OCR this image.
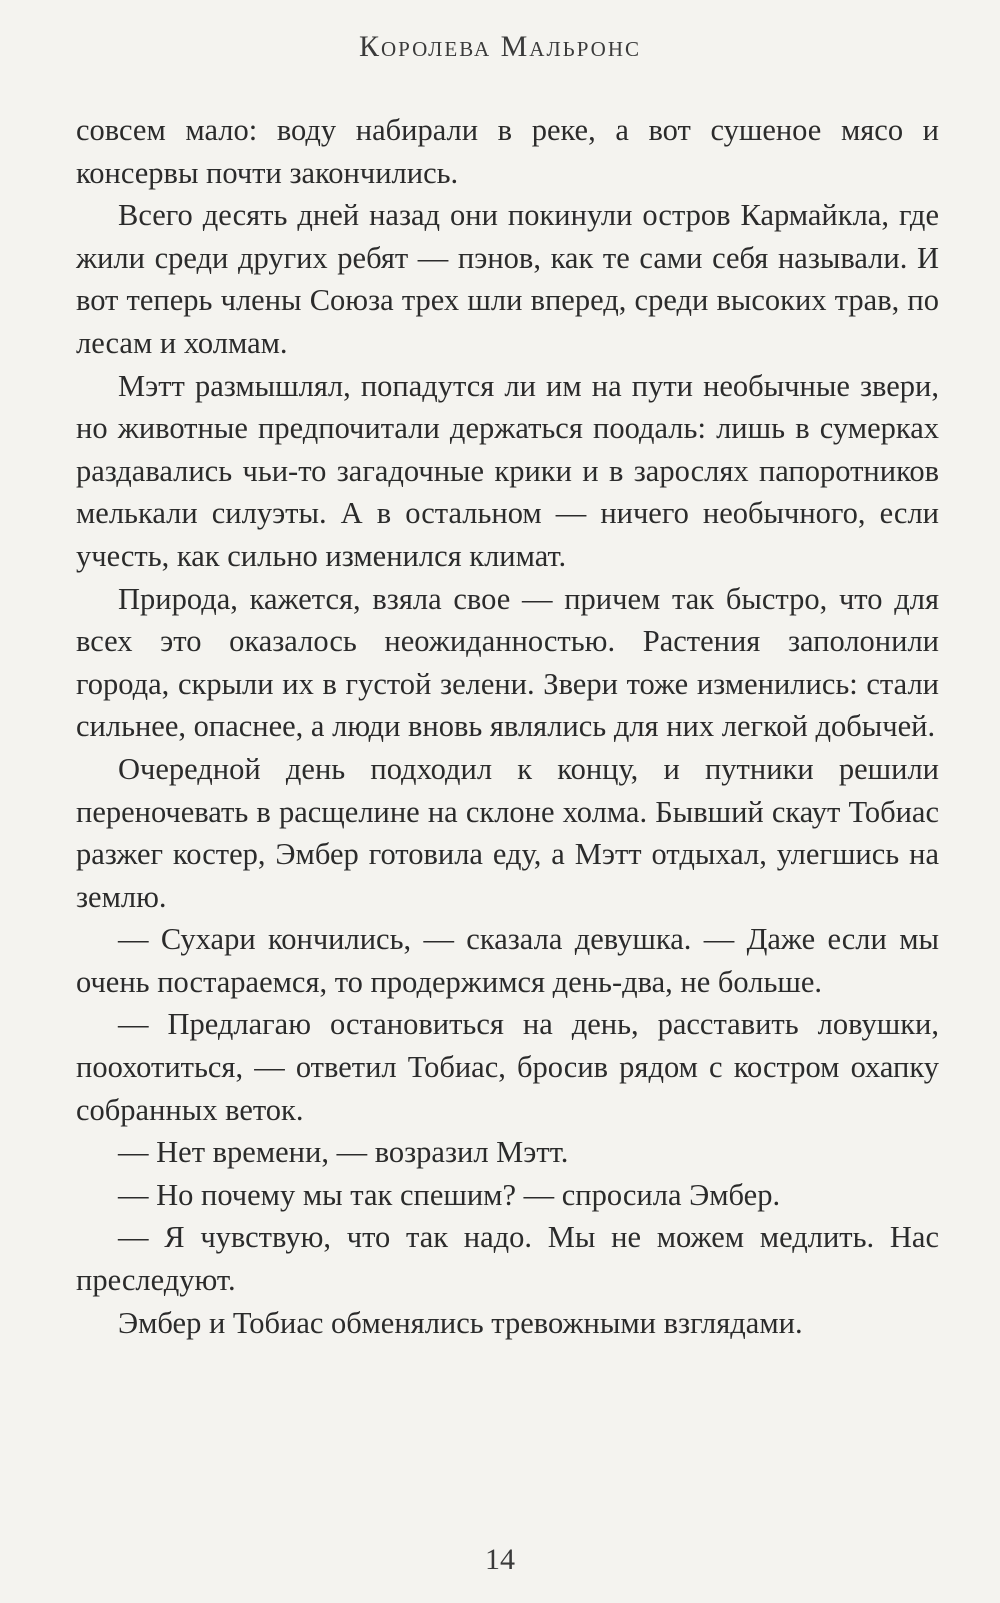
Королева Мальронс

совсем мало: воду набирали в реке, а вот сушеное мясо и консервы почти закончились.

Всего десять дней назад они покинули остров Кармайкла, где жили среди других ребят — пэнов, как те сами себя называли. И вот теперь члены Союза трех шли вперед, среди высоких трав, по лесам и холмам.

Мэтт размышлял, попадутся ли им на пути необычные звери, но животные предпочитали держаться поодаль: лишь в сумерках раздавались чьи-то загадочные крики и в зарослях папоротников мелькали силуэты. А в остальном — ничего необычного, если учесть, как сильно изменился климат.

Природа, кажется, взяла свое — причем так быстро, что для всех это оказалось неожиданностью. Растения заполонили города, скрыли их в густой зелени. Звери тоже изменились: стали сильнее, опаснее, а люди вновь являлись для них легкой добычей.

Очередной день подходил к концу, и путники решили переночевать в расщелине на склоне холма. Бывший скаут Тобиас разжег костер, Эмбер готовила еду, а Мэтт отдыхал, улегшись на землю.

— Сухари кончились, — сказала девушка. — Даже если мы очень постараемся, то продержимся день-два, не больше.

— Предлагаю остановиться на день, расставить ловушки, поохотиться, — ответил Тобиас, бросив рядом с костром охапку собранных веток.

— Нет времени, — возразил Мэтт.

— Но почему мы так спешим? — спросила Эмбер.

— Я чувствую, что так надо. Мы не можем медлить. Нас преследуют.

Эмбер и Тобиас обменялись тревожными взглядами.

14
